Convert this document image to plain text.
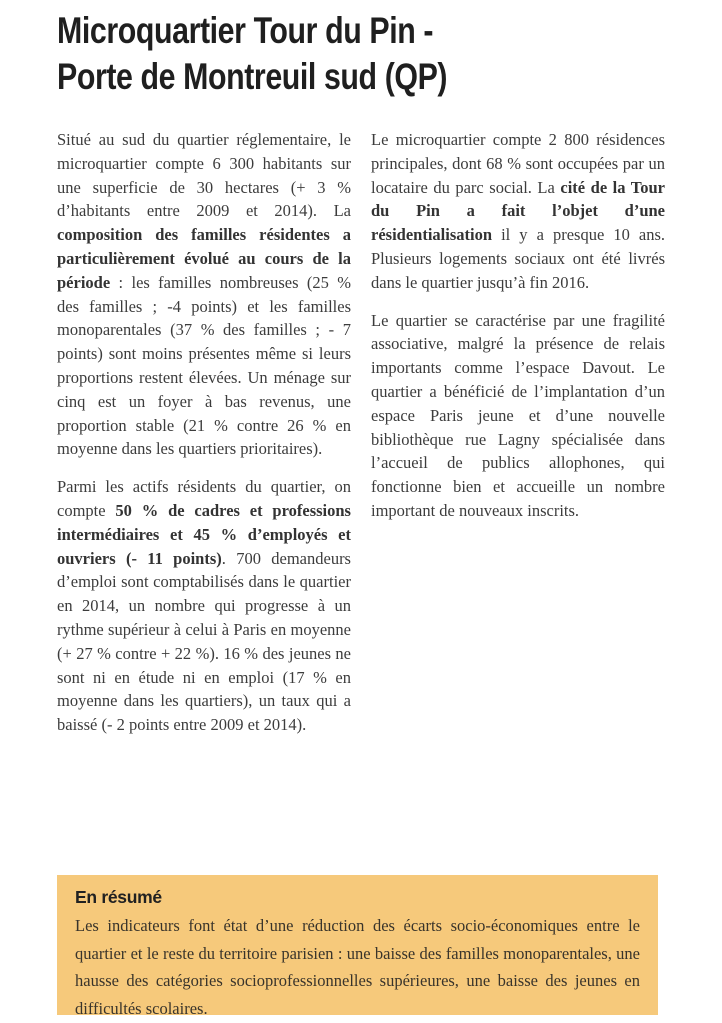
Microquartier Tour du Pin -
Porte de Montreuil sud (QP)

Situé au sud du quartier réglementaire, le microquartier compte 6 300 habitants sur une superficie de 30 hectares (+ 3 % d’habitants entre 2009 et 2014). La composition des familles résidentes a particulièrement évolué au cours de la période : les familles nombreuses (25 % des familles ; -4 points) et les familles monoparentales (37 % des familles ; - 7 points) sont moins présentes même si leurs proportions restent élevées. Un ménage sur cinq est un foyer à bas revenus, une proportion stable (21 % contre 26 % en moyenne dans les quartiers prioritaires).

Parmi les actifs résidents du quartier, on compte 50 % de cadres et professions intermédiaires et 45 % d’employés et ouvriers (- 11 points). 700 demandeurs d’emploi sont comptabilisés dans le quartier en 2014, un nombre qui progresse à un rythme supérieur à celui à Paris en moyenne (+ 27 % contre + 22 %). 16 % des jeunes ne sont ni en étude ni en emploi (17 % en moyenne dans les quartiers), un taux qui a baissé (- 2 points entre 2009 et 2014).

Le microquartier compte 2 800 résidences principales, dont 68 % sont occupées par un locataire du parc social. La cité de la Tour du Pin a fait l’objet d’une résidentialisation il y a presque 10 ans. Plusieurs logements sociaux ont été livrés dans le quartier jusqu’à fin 2016.

Le quartier se caractérise par une fragilité associative, malgré la présence de relais importants comme l’espace Davout. Le quartier a bénéficié de l’implantation d’un espace Paris jeune et d’une nouvelle bibliothèque rue Lagny spécialisée dans l’accueil de publics allophones, qui fonctionne bien et accueille un nombre important de nouveaux inscrits.

En résumé

Les indicateurs font état d’une réduction des écarts socio-économiques entre le quartier et le reste du territoire parisien : une baisse des familles monoparentales, une hausse des catégories socioprofessionnelles supérieures, une baisse des jeunes en difficultés scolaires.
